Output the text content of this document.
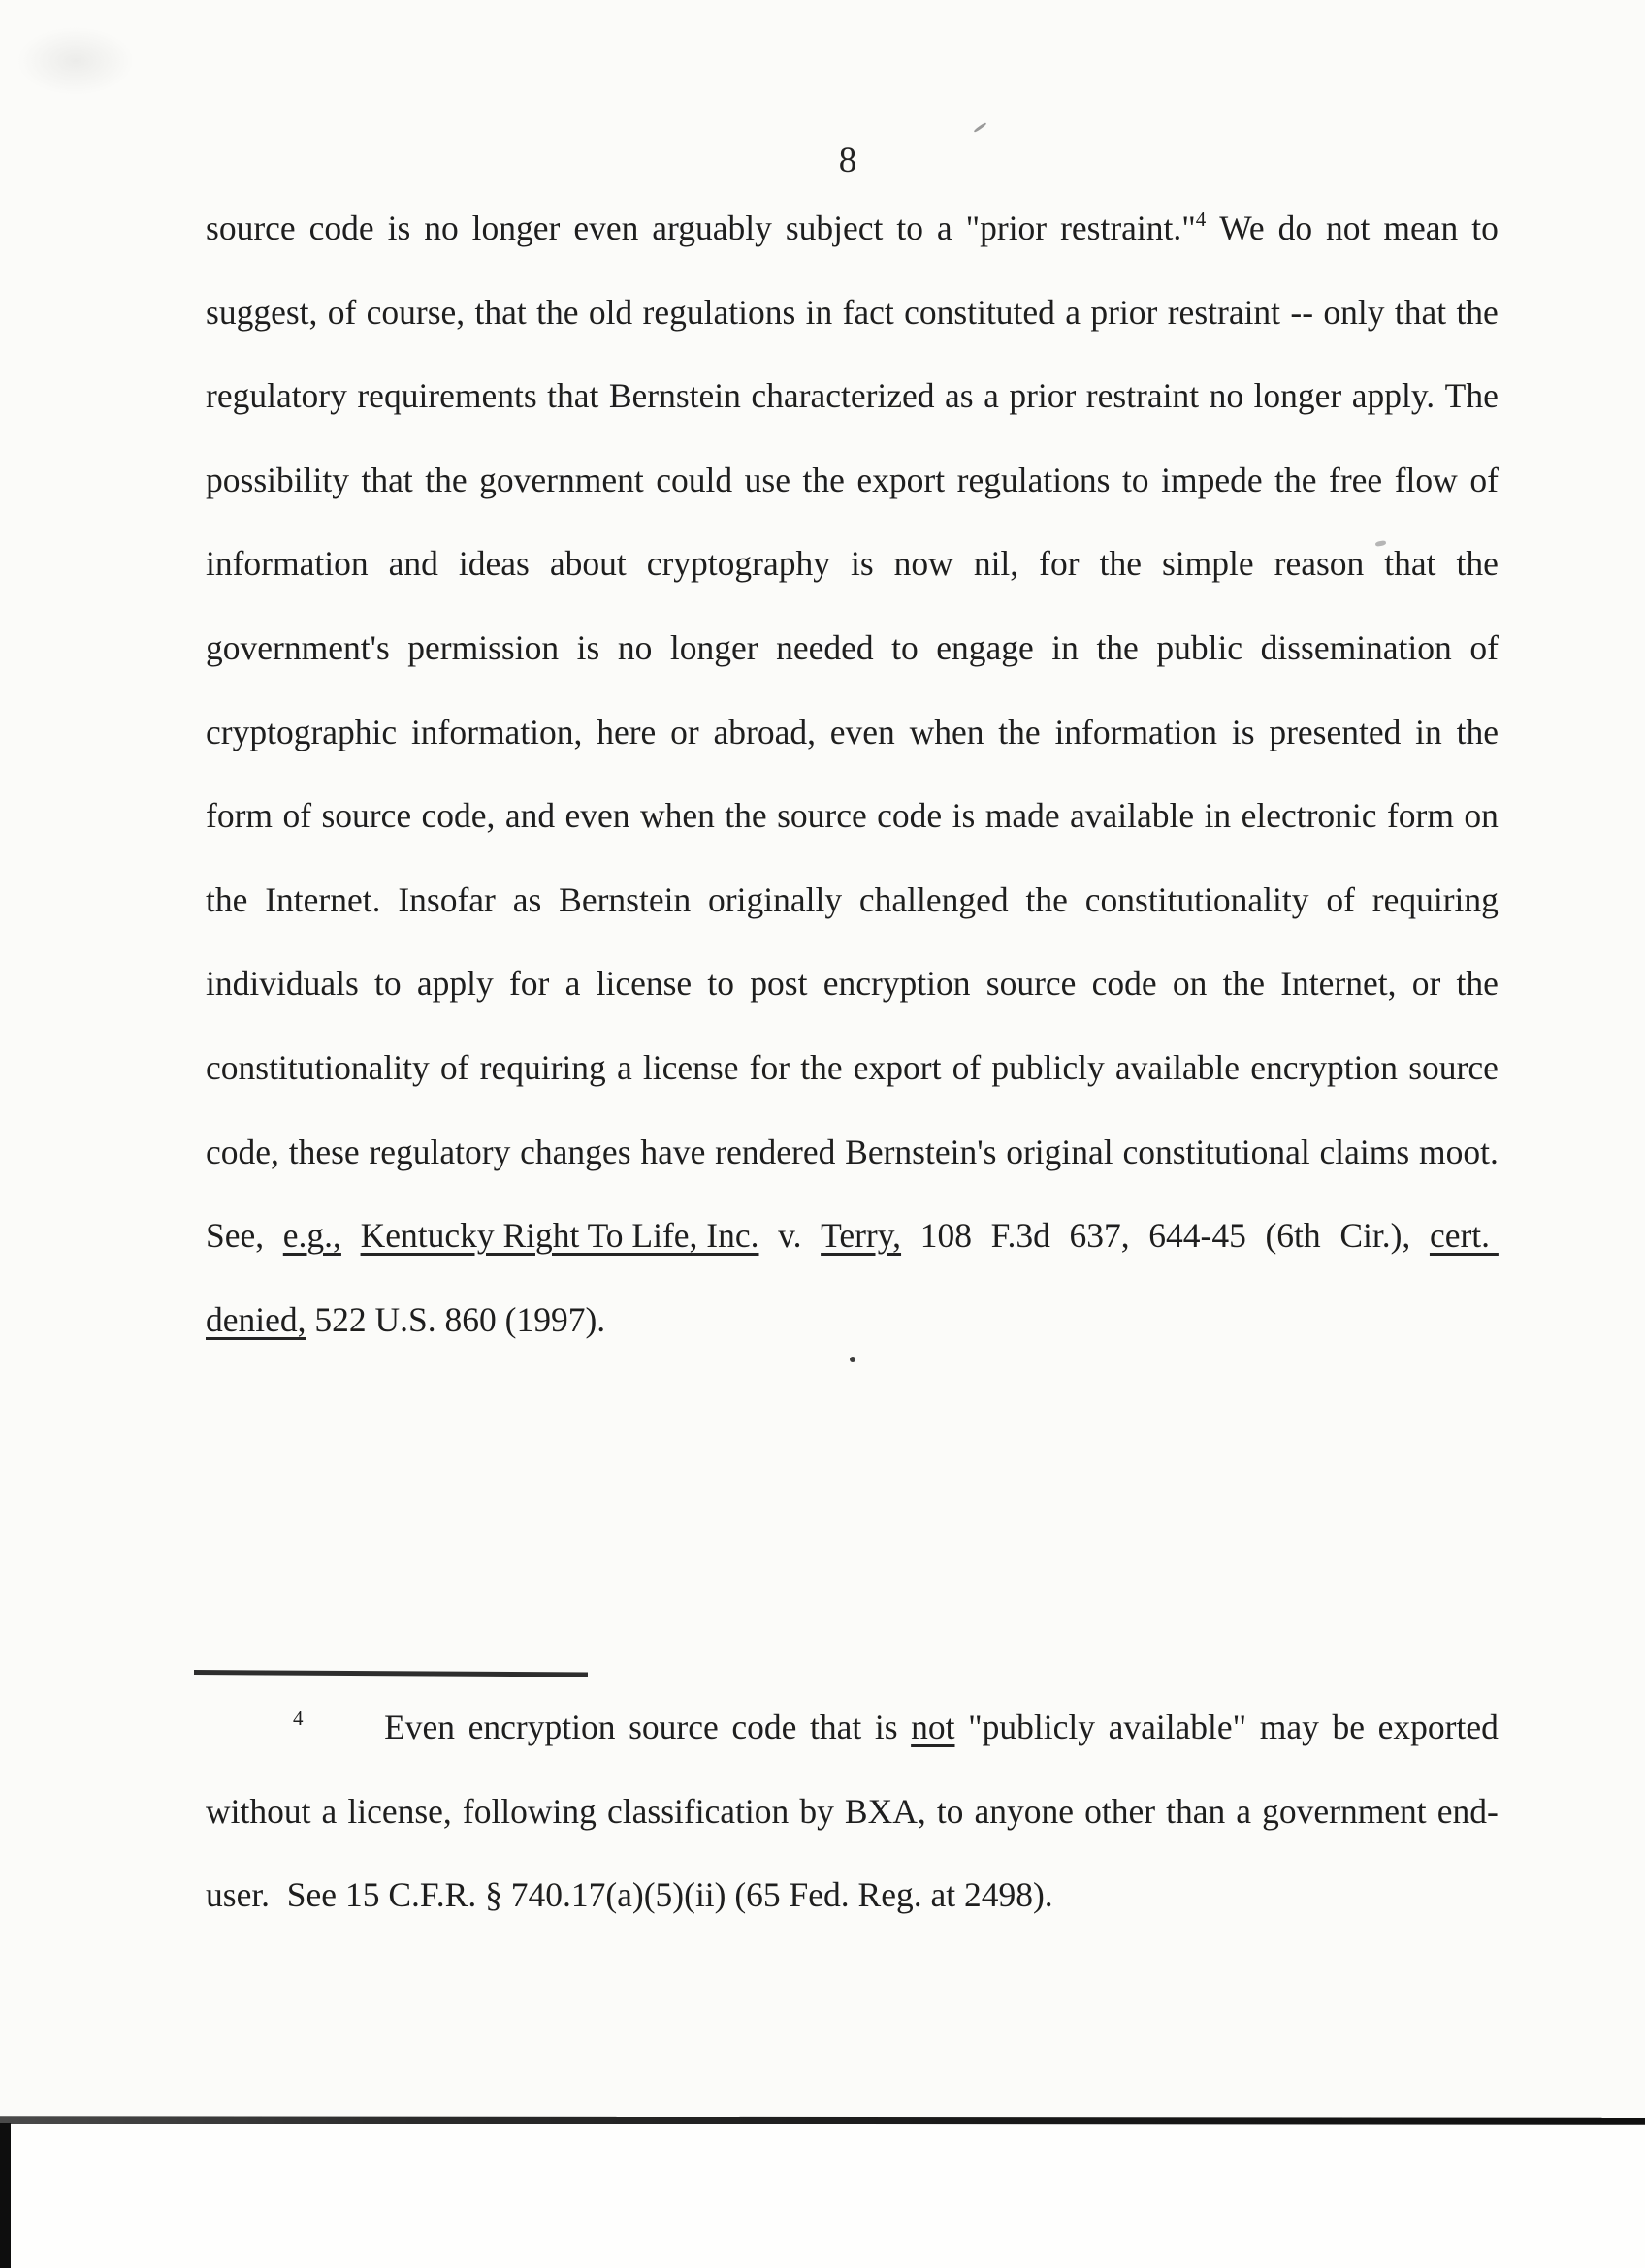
8
source code is no longer even arguably subject to a "prior restraint."$^4$ We do not mean to
suggest, of course, that the old regulations in fact constituted a prior restraint -- only that the
regulatory requirements that Bernstein characterized as a prior restraint no longer apply. The
possibility that the government could use the export regulations to impede the free flow of
information and ideas about cryptography is now nil, for the simple reason that the
government's permission is no longer needed to engage in the public dissemination of
cryptographic information, here or abroad, even when the information is presented in the
form of source code, and even when the source code is made available in electronic form on
the Internet. Insofar as Bernstein originally challenged the constitutionality of requiring
individuals to apply for a license to post encryption source code on the Internet, or the
constitutionality of requiring a license for the export of publicly available encryption source
code, these regulatory changes have rendered Bernstein's original constitutional claims moot.
See, e.g., Kentucky Right To Life, Inc. v. Terry, 108 F.3d 637, 644-45 (6th Cir.), cert.
denied, 522 U.S. 860 (1997).
4 Even encryption source code that is not "publicly available" may be exported
without a license, following classification by BXA, to anyone other than a government end-
user.  See 15 C.F.R. § 740.17(a)(5)(ii) (65 Fed. Reg. at 2498).
